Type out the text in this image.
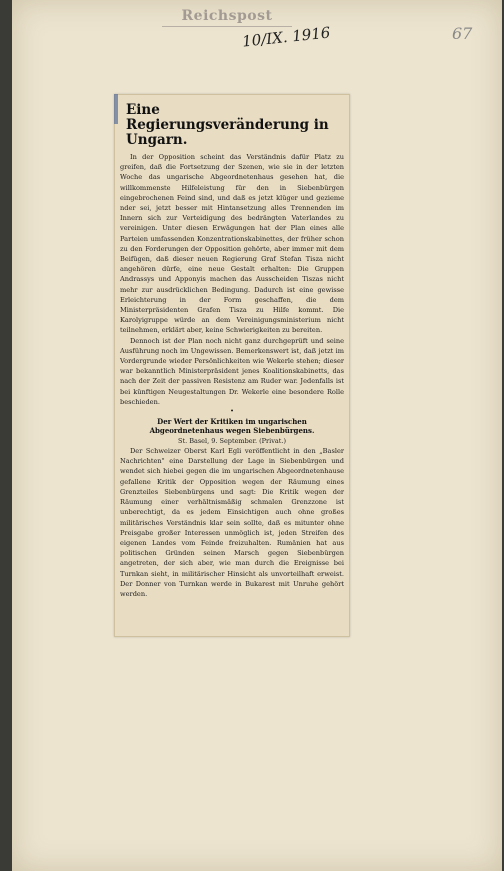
Reichspost
10/IX. 1916	67
Eine Regierungsveränderung in Ungarn.

In der Opposition scheint das Verständnis dafür Platz zu greifen, daß die Fortsetzung der Szenen, wie sie in der letzten Woche das ungarische Abgeordnetenhaus gesehen hat, die willkommenste Hilfeleistung für den in Siebenbürgen eingebrochenen Feind sind, und daß es jetzt klüger und gezieme nder sei, jetzt besser mit Hintansetzung alles Trennenden im Innern sich zur Verteidigung des bedrängten Vaterlandes zu vereinigen. Unter diesen Erwägungen hat der Plan eines alle Parteien umfassenden Konzentrationskabinettes, der früher schon zu den Forderungen der Opposition gehörte, aber immer mit dem Beifügen, daß dieser neuen Regierung Graf Stefan Tisza nicht angehören dürfe, eine neue Gestalt erhalten: Die Gruppen Andrassys und Apponyis machen das Ausscheiden Tiszas nicht mehr zur ausdrücklichen Bedingung. Dadurch ist eine gewisse Erleichterung in der Form geschaffen, die dem Ministerpräsidenten Grafen Tisza zu Hilfe kommt. Die Karolyigruppe würde an dem Vereinigungsministerium nicht teilnehmen, erklärt aber, keine Schwierigkeiten zu bereiten.

Dennoch ist der Plan noch nicht ganz durchgeprüft und seine Ausführung noch im Ungewissen. Bemerkenswert ist, daß jetzt im Vordergrunde wieder Persönlichkeiten wie Wekerle stehen; dieser war bekanntlich Ministerpräsident jenes Koalitionskabinetts, das nach der Zeit der passiven Resistenz am Ruder war. Jedenfalls ist bei künftigen Neugestaltungen Dr. Wekerle eine besondere Rolle beschieden.

•
Der Wert der Kritiken im ungarischen Abgeordnetenhaus wegen Siebenbürgens.

St. Basel, 9. September. (Privat.)

Der Schweizer Oberst Karl Egli veröffentlicht in den „Basler Nachrichten" eine Darstellung der Lage in Siebenbürgen und wendet sich hiebei gegen die im ungarischen Abgeordnetenhause gefallene Kritik der Opposition wegen der Räumung eines Grenzteiles Siebenbürgens und sagt: Die Kritik wegen der Räumung einer verhältnismäßig schmalen Grenzzone ist unberechtigt, da es jedem Einsichtigen auch ohne großes militärisches Verständnis klar sein sollte, daß es mitunter ohne Preisgabe großer Interessen unmöglich ist, jeden Streifen des eigenen Landes vom Feinde freizuhalten. Rumänien hat aus politischen Gründen seinen Marsch gegen Siebenbürgen angetreten, der sich aber, wie man durch die Ereignisse bei Turnkan sieht, in militärischer Hinsicht als unvorteilhaft erweist. Der Donner von Turnkan werde in Bukarest mit Unruhe gehört werden.
